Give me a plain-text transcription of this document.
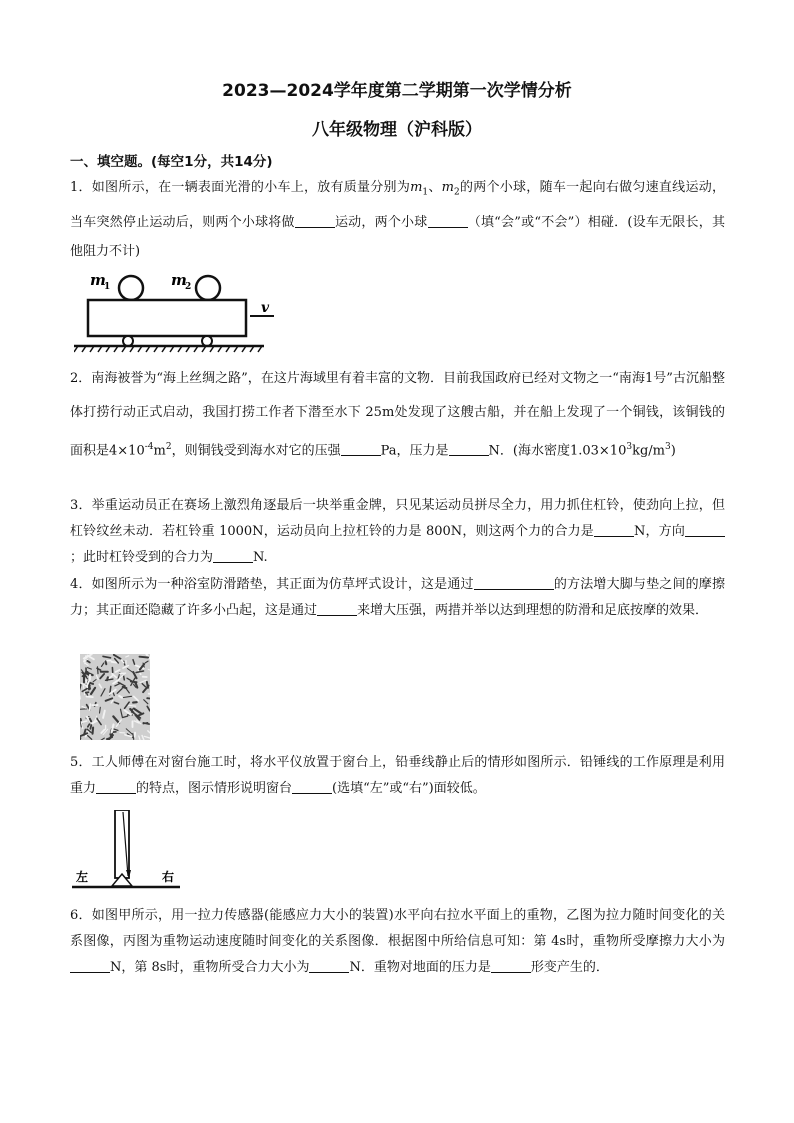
2023—2024学年度第二学期第一次学情分析
八年级物理（沪科版）
一、填空题。(每空1分，共14分)
1．如图所示，在一辆表面光滑的小车上，放有质量分别为$m_1$、$m_2$的两个小球，随车一起向右做匀速直线运动，当车突然停止运动后，则两个小球将做	运动，两个小球	（填“会”或“不会”）相碰．(设车无限长，其他阻力不计)
m
1	m
2
v
2．南海被誉为“海上丝绸之路”，在这片海域里有着丰富的文物．目前我国政府已经对文物之一“南海1号”古沉船整体打捞行动正式启动，我国打捞工作者下潜至水下 25m处发现了这艘古船，并在船上发现了一个铜钱，该铜钱的面积是$4\times 10^{-4}m^2$，则铜钱受到海水对它的压强	Pa，压力是	N．(海水密度$1.03\times 10^3kg/m^3$)
3．举重运动员正在赛场上激烈角逐最后一块举重金牌，只见某运动员拼尽全力，用力抓住杠铃，使劲向上拉，但杠铃纹丝未动．若杠铃重 1000N，运动员向上拉杠铃的力是 800N，则这两个力的合力是	N，方向；此时杠铃受到的合力为	N.
4．如图所示为一种浴室防滑踏垫，其正面为仿草坪式设计，这是通过	的方法增大脚与垫之间的摩擦力；其正面还隐藏了许多小凸起，这是通过	来增大压强，两措并举以达到理想的防滑和足底按摩的效果．
5．工人师傅在对窗台施工时，将水平仪放置于窗台上，铅垂线静止后的情形如图所示．铅锤线的工作原理是利用重力	的特点，图示情形说明窗台	(选填“左”或“右”)面较低。
左	右
6．如图甲所示，用一拉力传感器(能感应力大小的装置)水平向右拉水平面上的重物，乙图为拉力随时间变化的关系图像，丙图为重物运动速度随时间变化的关系图像．根据图中所给信息可知：第 4s时，重物所受摩擦力大小为N，第 8s时，重物所受合力大小为	N．重物对地面的压力是	形变产生的．
